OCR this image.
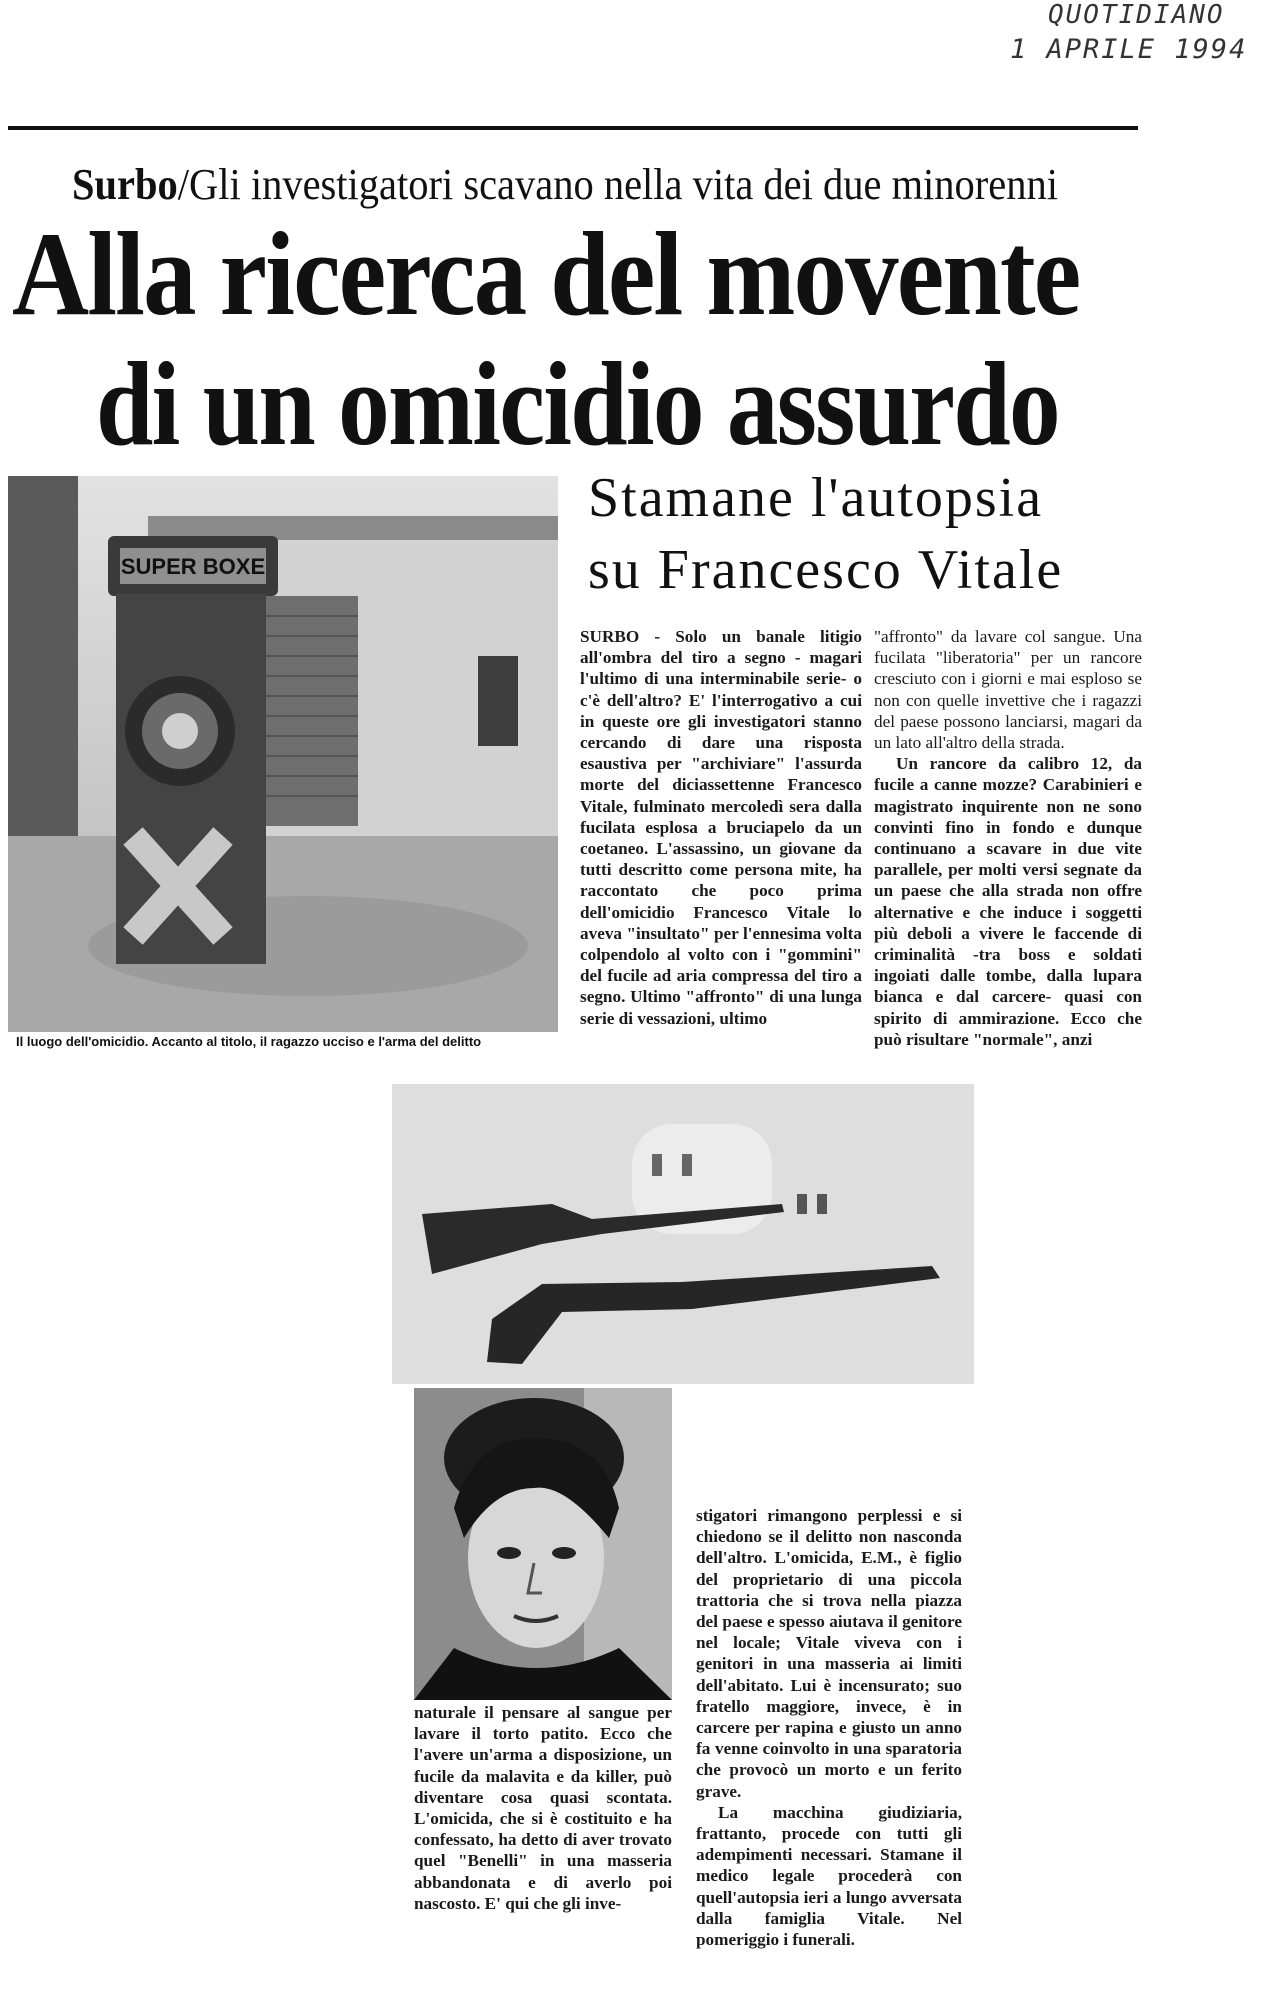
QUOTIDIANO
1 APRILE 1994
Surbo/Gli investigatori scavano nella vita dei due minorenni
Alla ricerca del movente
di un omicidio assurdo
SUPER BOXE
Il luogo dell'omicidio. Accanto al titolo, il ragazzo ucciso e l'arma del delitto
Stamane l'autopsia
su Francesco Vitale

SURBO - Solo un banale litigio all'ombra del tiro a segno - magari l'ultimo di una interminabile serie- o c'è dell'altro? E' l'interrogativo a cui in queste ore gli investigatori stanno cercando di dare una risposta esaustiva per "archiviare" l'assurda morte del diciassettenne Francesco Vitale, fulminato mercoledì sera dalla fucilata esplosa a bruciapelo da un coetaneo. L'assassino, un giovane da tutti descritto come persona mite, ha raccontato che poco prima dell'omicidio Francesco Vitale lo aveva "insultato" per l'ennesima volta colpendolo al volto con i "gommini" del fucile ad aria compressa del tiro a segno. Ultimo "affronto" di una lunga serie di vessazioni, ultimo

"affronto" da lavare col sangue. Una fucilata "liberatoria" per un rancore cresciuto con i giorni e mai esploso se non con quelle invettive che i ragazzi del paese possono lanciarsi, magari da un lato all'altro della strada.

Un rancore da calibro 12, da fucile a canne mozze? Carabinieri e magistrato inquirente non ne sono convinti fino in fondo e dunque continuano a scavare in due vite parallele, per molti versi segnate da un paese che alla strada non offre alternative e che induce i soggetti più deboli a vivere le faccende di criminalità -tra boss e soldati ingoiati dalle tombe, dalla lupara bianca e dal carcere- quasi con spirito di ammirazione. Ecco che può risultare "normale", anzi

naturale il pensare al sangue per lavare il torto patito. Ecco che l'avere un'arma a disposizione, un fucile da malavita e da killer, può diventare cosa quasi scontata. L'omicida, che si è costituito e ha confessato, ha detto di aver trovato quel "Benelli" in una masseria abbandonata e di averlo poi nascosto. E' qui che gli inve-

stigatori rimangono perplessi e si chiedono se il delitto non nasconda dell'altro. L'omicida, E.M., è figlio del proprietario di una piccola trattoria che si trova nella piazza del paese e spesso aiutava il genitore nel locale; Vitale viveva con i genitori in una masseria ai limiti dell'abitato. Lui è incensurato; suo fratello maggiore, invece, è in carcere per rapina e giusto un anno fa venne coinvolto in una sparatoria che provocò un morto e un ferito grave.

La macchina giudiziaria, frattanto, procede con tutti gli adempimenti necessari. Stamane il medico legale procederà con quell'autopsia ieri a lungo avversata dalla famiglia Vitale. Nel pomeriggio i funerali.
